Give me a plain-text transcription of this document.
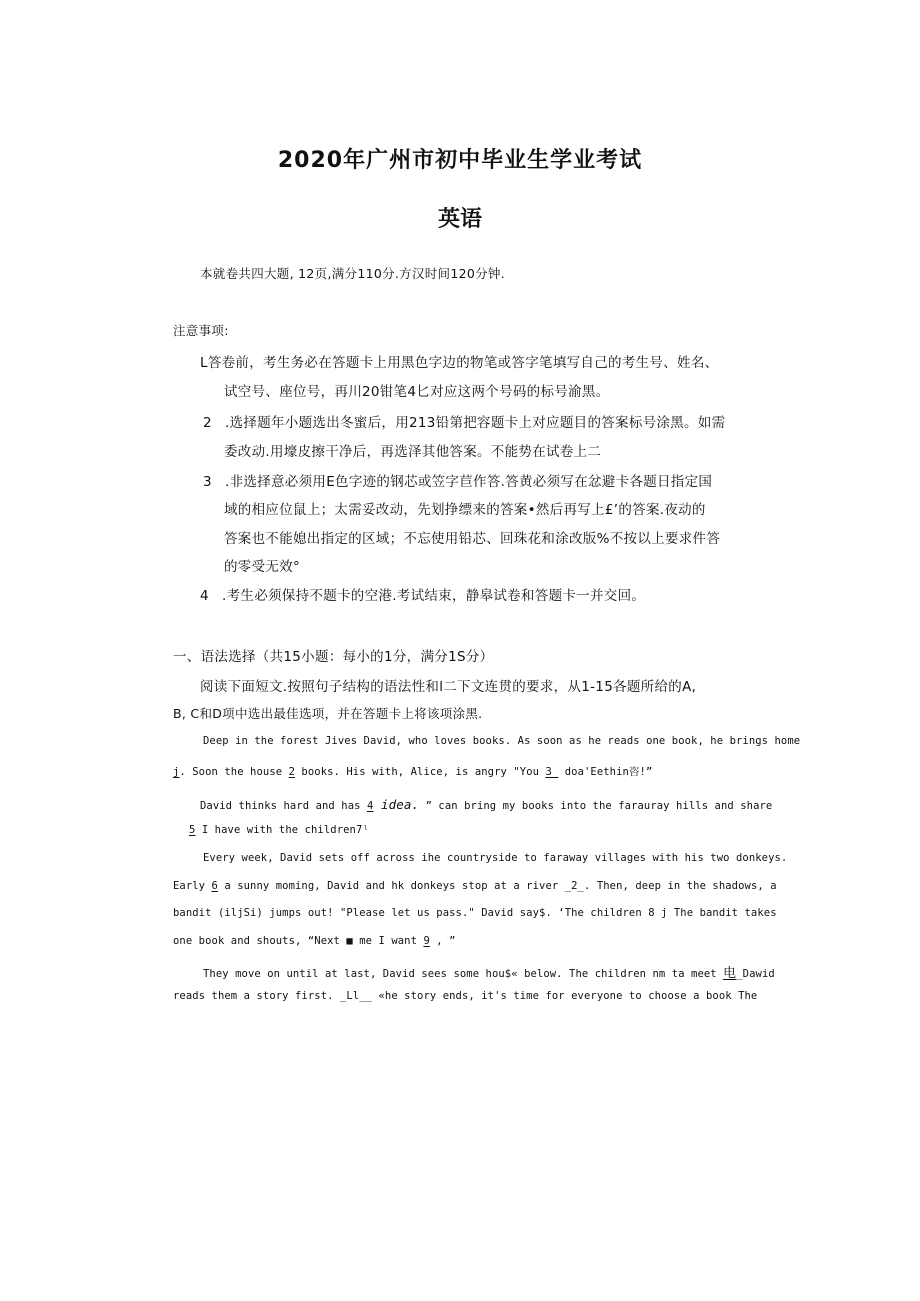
2020年广州市初中毕业生学业考试
英语
本就卷共四大题, 12页,满分110分.方汉时间120分钟.
注意事项:
L答卷前，考生务必在答题卡上用黑色字边的物笔或答字笔填写自己的考生号、姓名、
试空号、座位号，再川20钳笔4匕对应这两个号码的标号渝黑。
2 .选择题年小题选出冬蜜后，用213铅第把容题卡上对应题目的答案标号涂黑。如需
委改动.用壕皮擦干净后，再选泽其他答案。不能势在试卷上二
3 .非选择意必须用E色字迹的钢芯或笠字苣作答.答黄必须写在忿避卡各题日指定国
域的相应位鼠上；太需妥改动，先划挣缥来的答案•然后再写上£’的答案.夜动的
答案也不能媳出指定的区域；不忘使用铅芯、回珠花和涂改版%不按以上要求件答
的零受无效°
4 .考生必须保持不题卡的空港.考试结束，静皋试卷和答题卡一并交回。
一、语法选择（共15小题：每小的1分，满分1S分）
阅读下面短文.按照句子结构的语法性和l二下文连贯的要求，从1-15各题所给的A,
B, C和D项中选出最佳选项，并在答题卡上将该项涂黑.
Deep in the forest Jives David, who loves books. As soon as he reads one book, he brings home
j. Soon the house 2 books. His with, Alice, is angry "You 3_ doa'Eethin咨!”
David thinks hard and has 4 idea. ” can bring my books into the farauray hills and share
5 I have with the children7ˡ
Every week, David sets off across ihe countryside to faraway villages with his two donkeys.
Early 6 a sunny moming, David and hk donkeys stop at a river _2_. Then, deep in the shadows, a
bandit (iljSi) jumps out! "Please let us pass." David say$. ‘The children 8 j The bandit takes
one book and shouts, “Next ■ me I want 9 , ”
They move on until at last, David sees some hou$« below. The children nm ta meet 电_Dawid
reads them a story first. _Ll__ «he story ends, it's time for everyone to choose a book The
